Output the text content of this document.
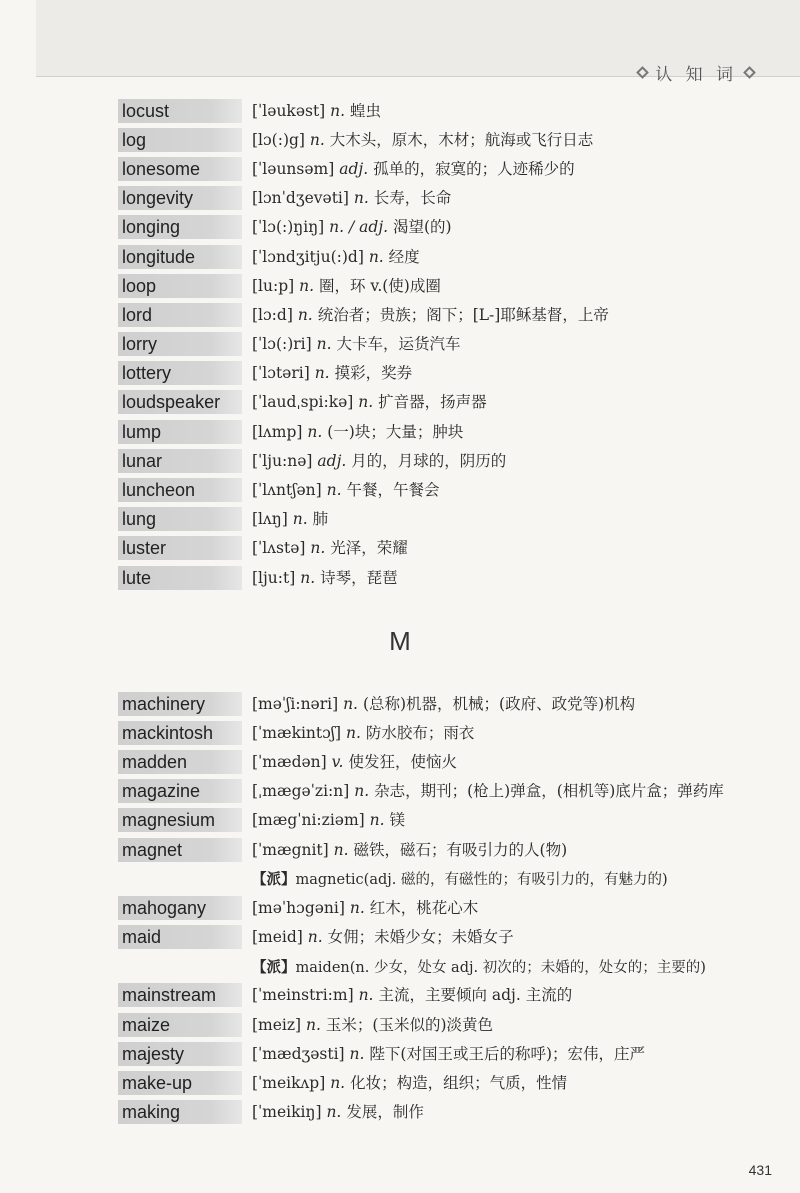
认 知 词
locust	[ˈləukəst] n. 蝗虫
log	[lɔ(:)g] n. 大木头，原木，木材；航海或飞行日志
lonesome	[ˈləunsəm] adj. 孤单的，寂寞的；人迹稀少的
longevity	[lɔnˈdʒevəti] n. 长寿，长命
longing	[ˈlɔ(:)ŋiŋ] n. / adj. 渴望(的)
longitude	[ˈlɔndʒitju(:)d] n. 经度
loop	[lu:p] n. 圈，环 v.(使)成圈
lord	[lɔ:d] n. 统治者；贵族；阁下；[L-]耶稣基督，上帝
lorry	[ˈlɔ(:)ri] n. 大卡车，运货汽车
lottery	[ˈlɔtəri] n. 摸彩，奖券
loudspeaker	[ˈlaudˌspi:kə] n. 扩音器，扬声器
lump	[lʌmp] n. (一)块；大量；肿块
lunar	[ˈlju:nə] adj. 月的，月球的，阴历的
luncheon	[ˈlʌntʃən] n. 午餐，午餐会
lung	[lʌŋ] n. 肺
luster	[ˈlʌstə] n. 光泽，荣耀
lute	[lju:t] n. 诗琴，琵琶
M
machinery	[məˈʃi:nəri] n. (总称)机器，机械；(政府、政党等)机构
mackintosh	[ˈmækintɔʃ] n. 防水胶布；雨衣
madden	[ˈmædən] v. 使发狂，使恼火
magazine	[ˌmægəˈzi:n] n. 杂志，期刊；(枪上)弹盒，(相机等)底片盒；弹药库
magnesium	[mægˈni:ziəm] n. 镁
magnet	[ˈmægnit] n. 磁铁，磁石；有吸引力的人(物)
【派】magnetic(adj. 磁的，有磁性的；有吸引力的，有魅力的)
mahogany	[məˈhɔgəni] n. 红木，桃花心木
maid	[meid] n. 女佣；未婚少女；未婚女子
【派】maiden(n. 少女，处女 adj. 初次的；未婚的，处女的；主要的)
mainstream	[ˈmeinstri:m] n. 主流，主要倾向 adj. 主流的
maize	[meiz] n. 玉米；(玉米似的)淡黄色
majesty	[ˈmædʒəsti] n. 陛下(对国王或王后的称呼)；宏伟，庄严
make-up	[ˈmeikʌp] n. 化妆；构造，组织；气质，性情
making	[ˈmeikiŋ] n. 发展，制作
431
